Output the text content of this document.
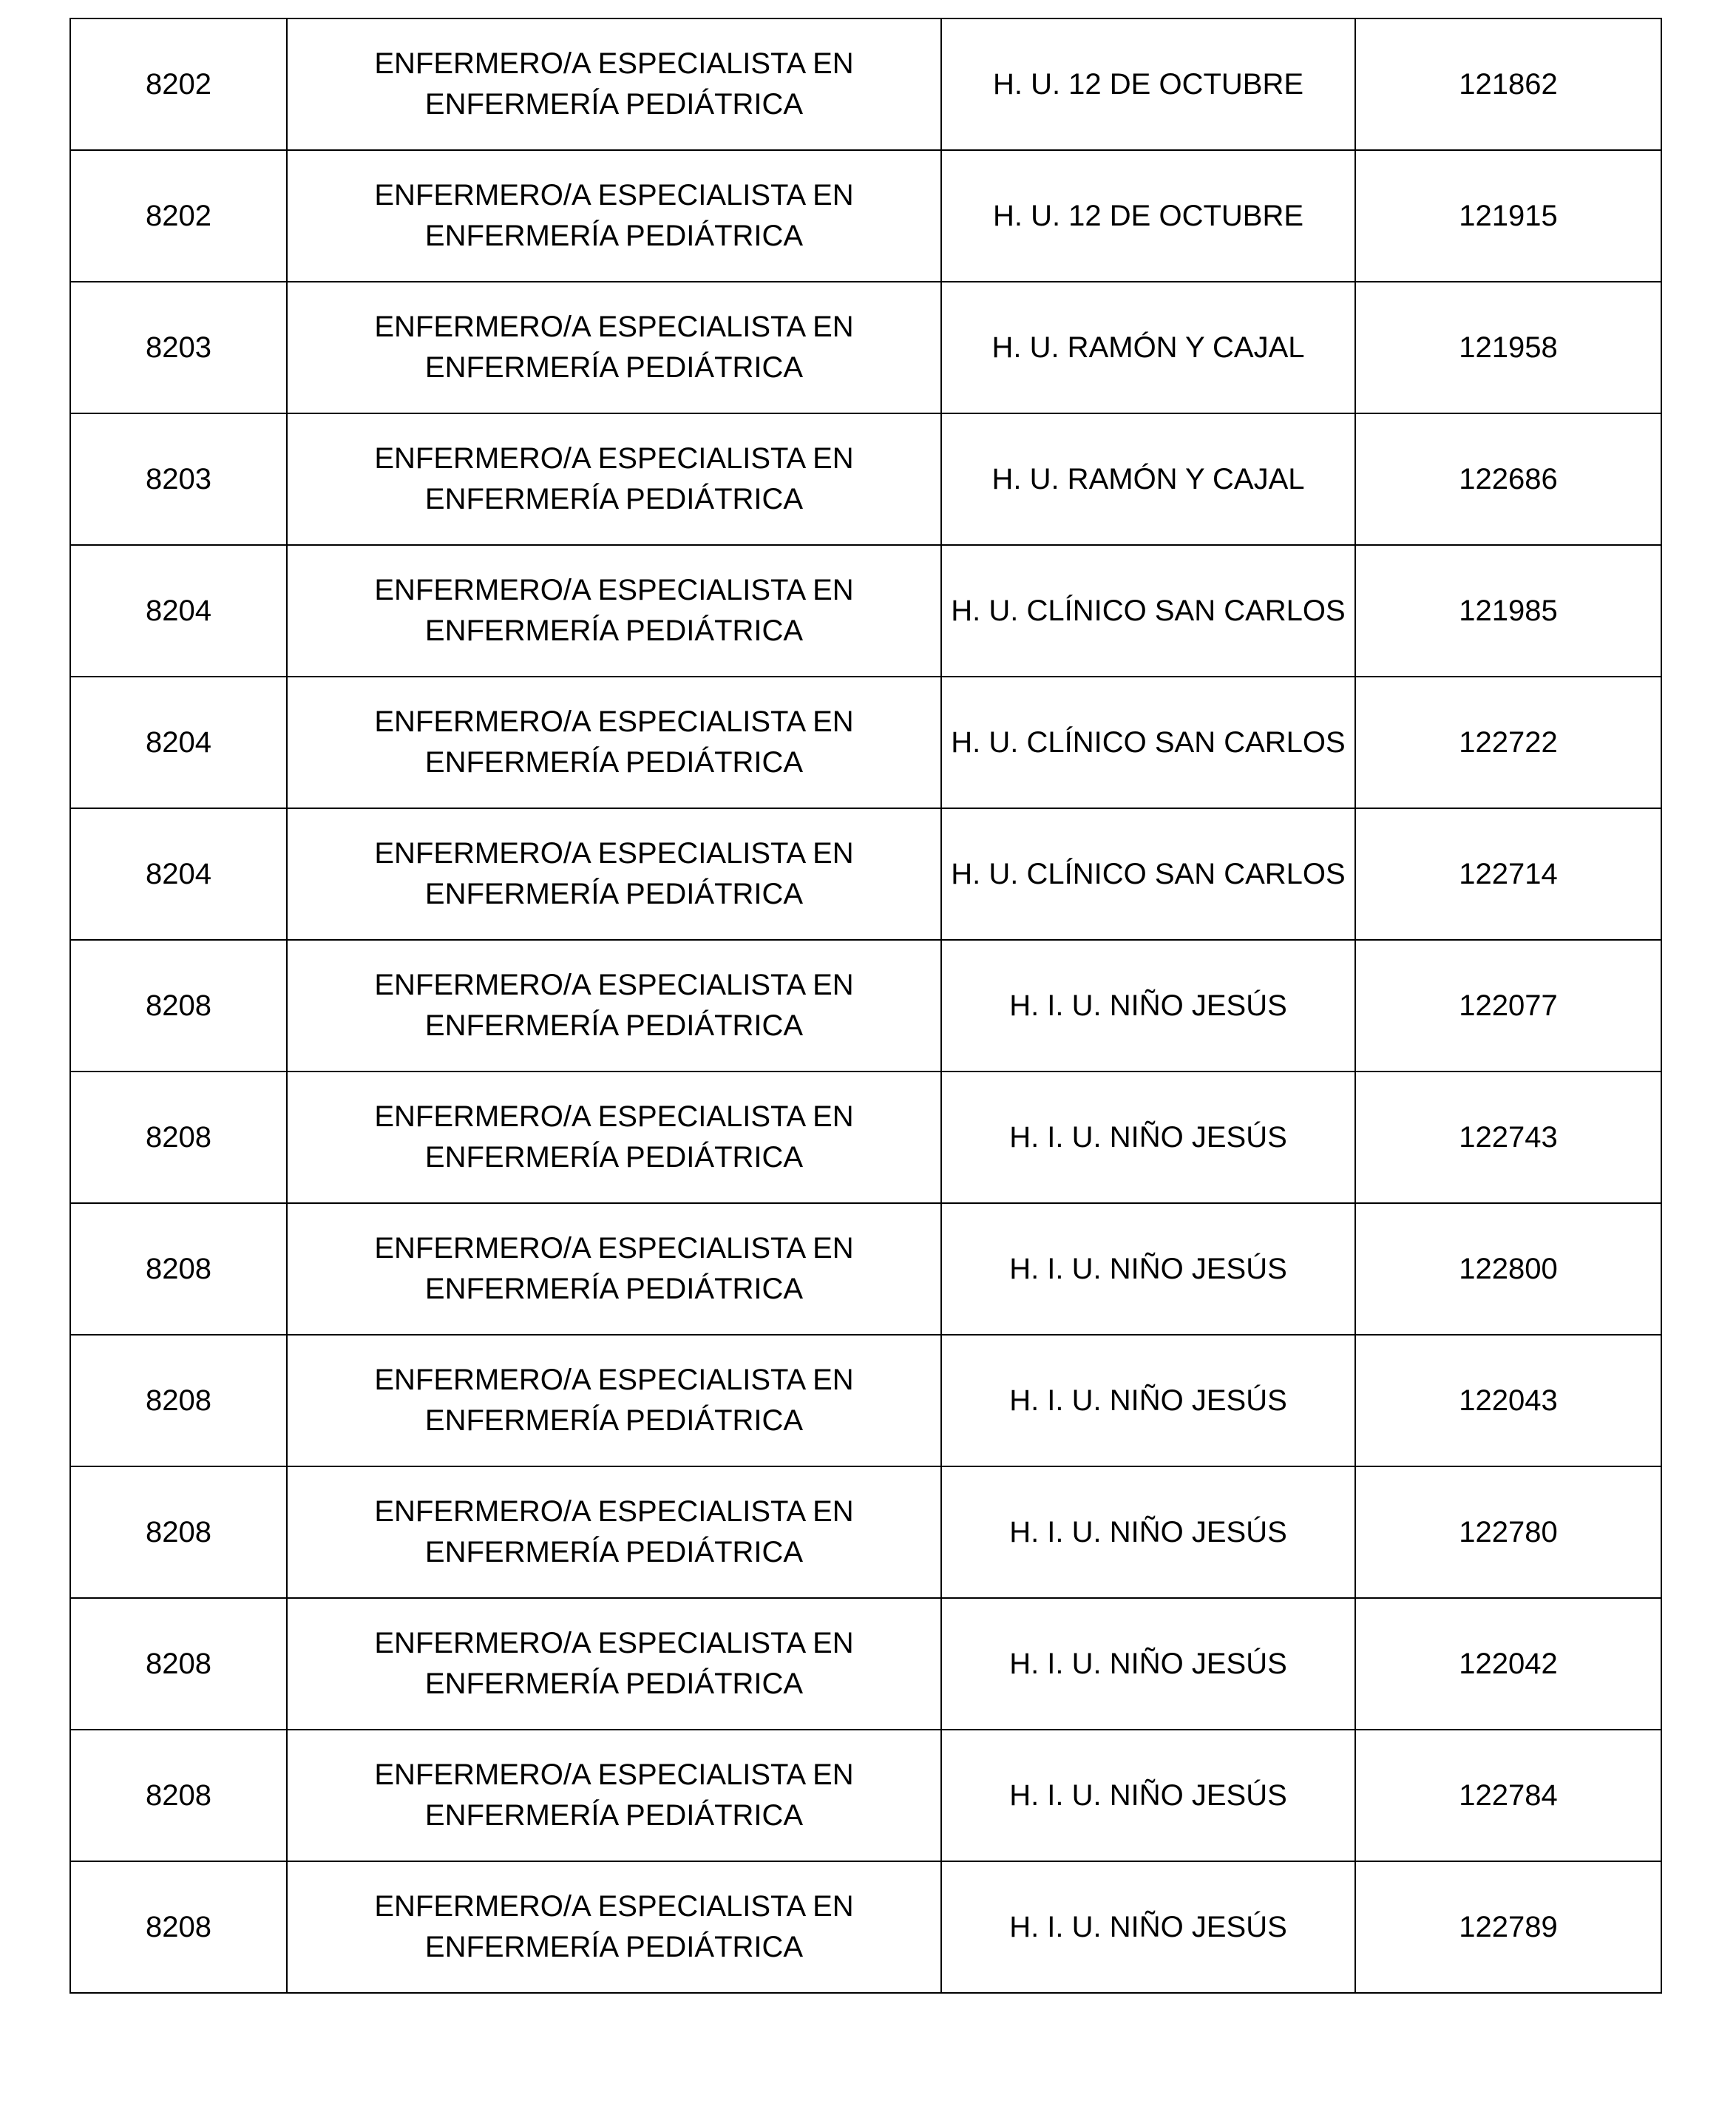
8202	ENFERMERO/A ESPECIALISTA EN ENFERMERÍA PEDIÁTRICA	H. U. 12 DE OCTUBRE	121862
8202	ENFERMERO/A ESPECIALISTA EN ENFERMERÍA PEDIÁTRICA	H. U. 12 DE OCTUBRE	121915
8203	ENFERMERO/A ESPECIALISTA EN ENFERMERÍA PEDIÁTRICA	H. U. RAMÓN Y CAJAL	121958
8203	ENFERMERO/A ESPECIALISTA EN ENFERMERÍA PEDIÁTRICA	H. U. RAMÓN Y CAJAL	122686
8204	ENFERMERO/A ESPECIALISTA EN ENFERMERÍA PEDIÁTRICA	H. U. CLÍNICO SAN CARLOS	121985
8204	ENFERMERO/A ESPECIALISTA EN ENFERMERÍA PEDIÁTRICA	H. U. CLÍNICO SAN CARLOS	122722
8204	ENFERMERO/A ESPECIALISTA EN ENFERMERÍA PEDIÁTRICA	H. U. CLÍNICO SAN CARLOS	122714
8208	ENFERMERO/A ESPECIALISTA EN ENFERMERÍA PEDIÁTRICA	H. I. U. NIÑO JESÚS	122077
8208	ENFERMERO/A ESPECIALISTA EN ENFERMERÍA PEDIÁTRICA	H. I. U. NIÑO JESÚS	122743
8208	ENFERMERO/A ESPECIALISTA EN ENFERMERÍA PEDIÁTRICA	H. I. U. NIÑO JESÚS	122800
8208	ENFERMERO/A ESPECIALISTA EN ENFERMERÍA PEDIÁTRICA	H. I. U. NIÑO JESÚS	122043
8208	ENFERMERO/A ESPECIALISTA EN ENFERMERÍA PEDIÁTRICA	H. I. U. NIÑO JESÚS	122780
8208	ENFERMERO/A ESPECIALISTA EN ENFERMERÍA PEDIÁTRICA	H. I. U. NIÑO JESÚS	122042
8208	ENFERMERO/A ESPECIALISTA EN ENFERMERÍA PEDIÁTRICA	H. I. U. NIÑO JESÚS	122784
8208	ENFERMERO/A ESPECIALISTA EN ENFERMERÍA PEDIÁTRICA	H. I. U. NIÑO JESÚS	122789
